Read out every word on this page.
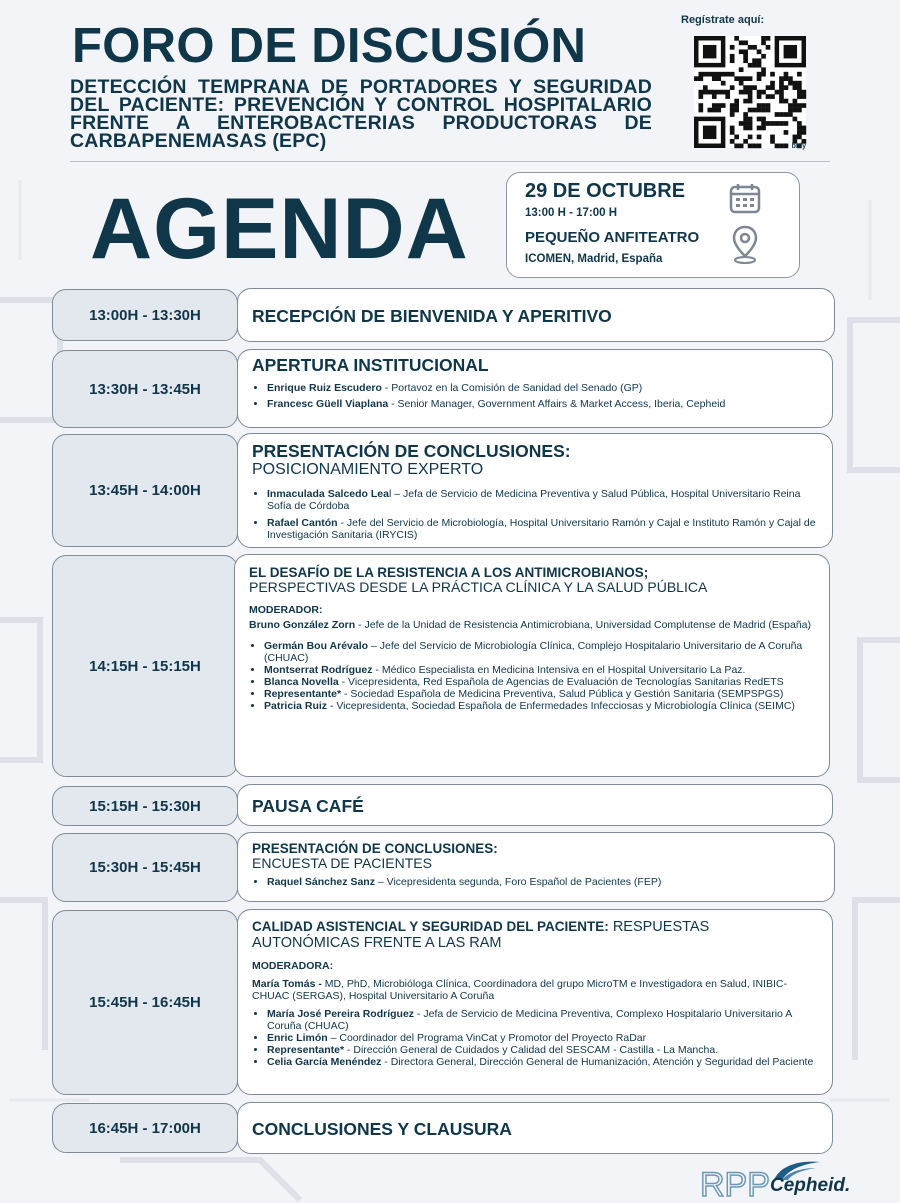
FORO DE DISCUSIÓN
DETECCIÓN TEMPRANA DE PORTADORES Y SEGURIDAD DEL PACIENTE: PREVENCIÓN Y CONTROL HOSPITALARIO FRENTE A ENTEROBACTERIAS PRODUCTORAS DE CARBAPENEMASAS (EPC)
Regístrate aquí:
bitly
AGENDA	29 DE OCTUBRE
13:00 H - 17:00 H
PEQUEÑO ANFITEATRO
ICOMEN, Madrid, España
13:00H - 13:30H	RECEPCIÓN DE BIENVENIDA Y APERITIVO
13:30H - 13:45H
APERTURA INSTITUCIONAL
• Enrique Ruiz Escudero - Portavoz en la Comisión de Sanidad del Senado (GP)
• Francesc Güell Viaplana - Senior Manager, Government Affairs & Market Access, Iberia, Cepheid
13:45H - 14:00H
PRESENTACIÓN DE CONCLUSIONES:
POSICIONAMIENTO EXPERTO
• Inmaculada Salcedo Leal – Jefa de Servicio de Medicina Preventiva y Salud Pública, Hospital Universitario Reina Sofía de Córdoba
• Rafael Cantón - Jefe del Servicio de Microbiología, Hospital Universitario Ramón y Cajal e Instituto Ramón y Cajal de Investigación Sanitaria (IRYCIS)
14:15H - 15:15H
EL DESAFÍO DE LA RESISTENCIA A LOS ANTIMICROBIANOS;
PERSPECTIVAS DESDE LA PRÁCTICA CLÍNICA Y LA SALUD PÚBLICA
MODERADOR:
Bruno González Zorn - Jefe de la Unidad de Resistencia Antimicrobiana, Universidad Complutense de Madrid (España)
• Germán Bou Arévalo – Jefe del Servicio de Microbiología Clínica, Complejo Hospitalario Universitario de A Coruña (CHUAC)
• Montserrat Rodríguez - Médico Especialista en Medicina Intensiva en el Hospital Universitario La Paz.
• Blanca Novella - Vicepresidenta, Red Española de Agencias de Evaluación de Tecnologías Sanitarias RedETS
• Representante* - Sociedad Española de Medicina Preventiva, Salud Pública y Gestión Sanitaria (SEMPSPGS)
• Patricia Ruiz - Vicepresidenta, Sociedad Española de Enfermedades Infecciosas y Microbiología Clínica (SEIMC)
15:15H - 15:30H	PAUSA CAFÉ
15:30H - 15:45H
PRESENTACIÓN DE CONCLUSIONES:
ENCUESTA DE PACIENTES
• Raquel Sánchez Sanz – Vicepresidenta segunda, Foro Español de Pacientes (FEP)
15:45H - 16:45H
CALIDAD ASISTENCIAL Y SEGURIDAD DEL PACIENTE: RESPUESTAS AUTONÓMICAS FRENTE A LAS RAM
MODERADORA:
María Tomás - MD, PhD, Microbióloga Clínica, Coordinadora del grupo MicroTM e Investigadora en Salud, INIBIC-CHUAC (SERGAS), Hospital Universitario A Coruña
• María José Pereira Rodríguez - Jefa de Servicio de Medicina Preventiva, Complexo Hospitalario Universitario A Coruña (CHUAC)
• Enric Limón – Coordinador del Programa VinCat y Promotor del Proyecto RaDar
• Representante* - Dirección General de Cuidados y Calidad del SESCAM - Castilla - La Mancha.
• Celia García Menéndez - Directora General, Dirección General de Humanización, Atención y Seguridad del Paciente
16:45H - 17:00H	CONCLUSIONES Y CLAUSURA
RPP Cepheid.
